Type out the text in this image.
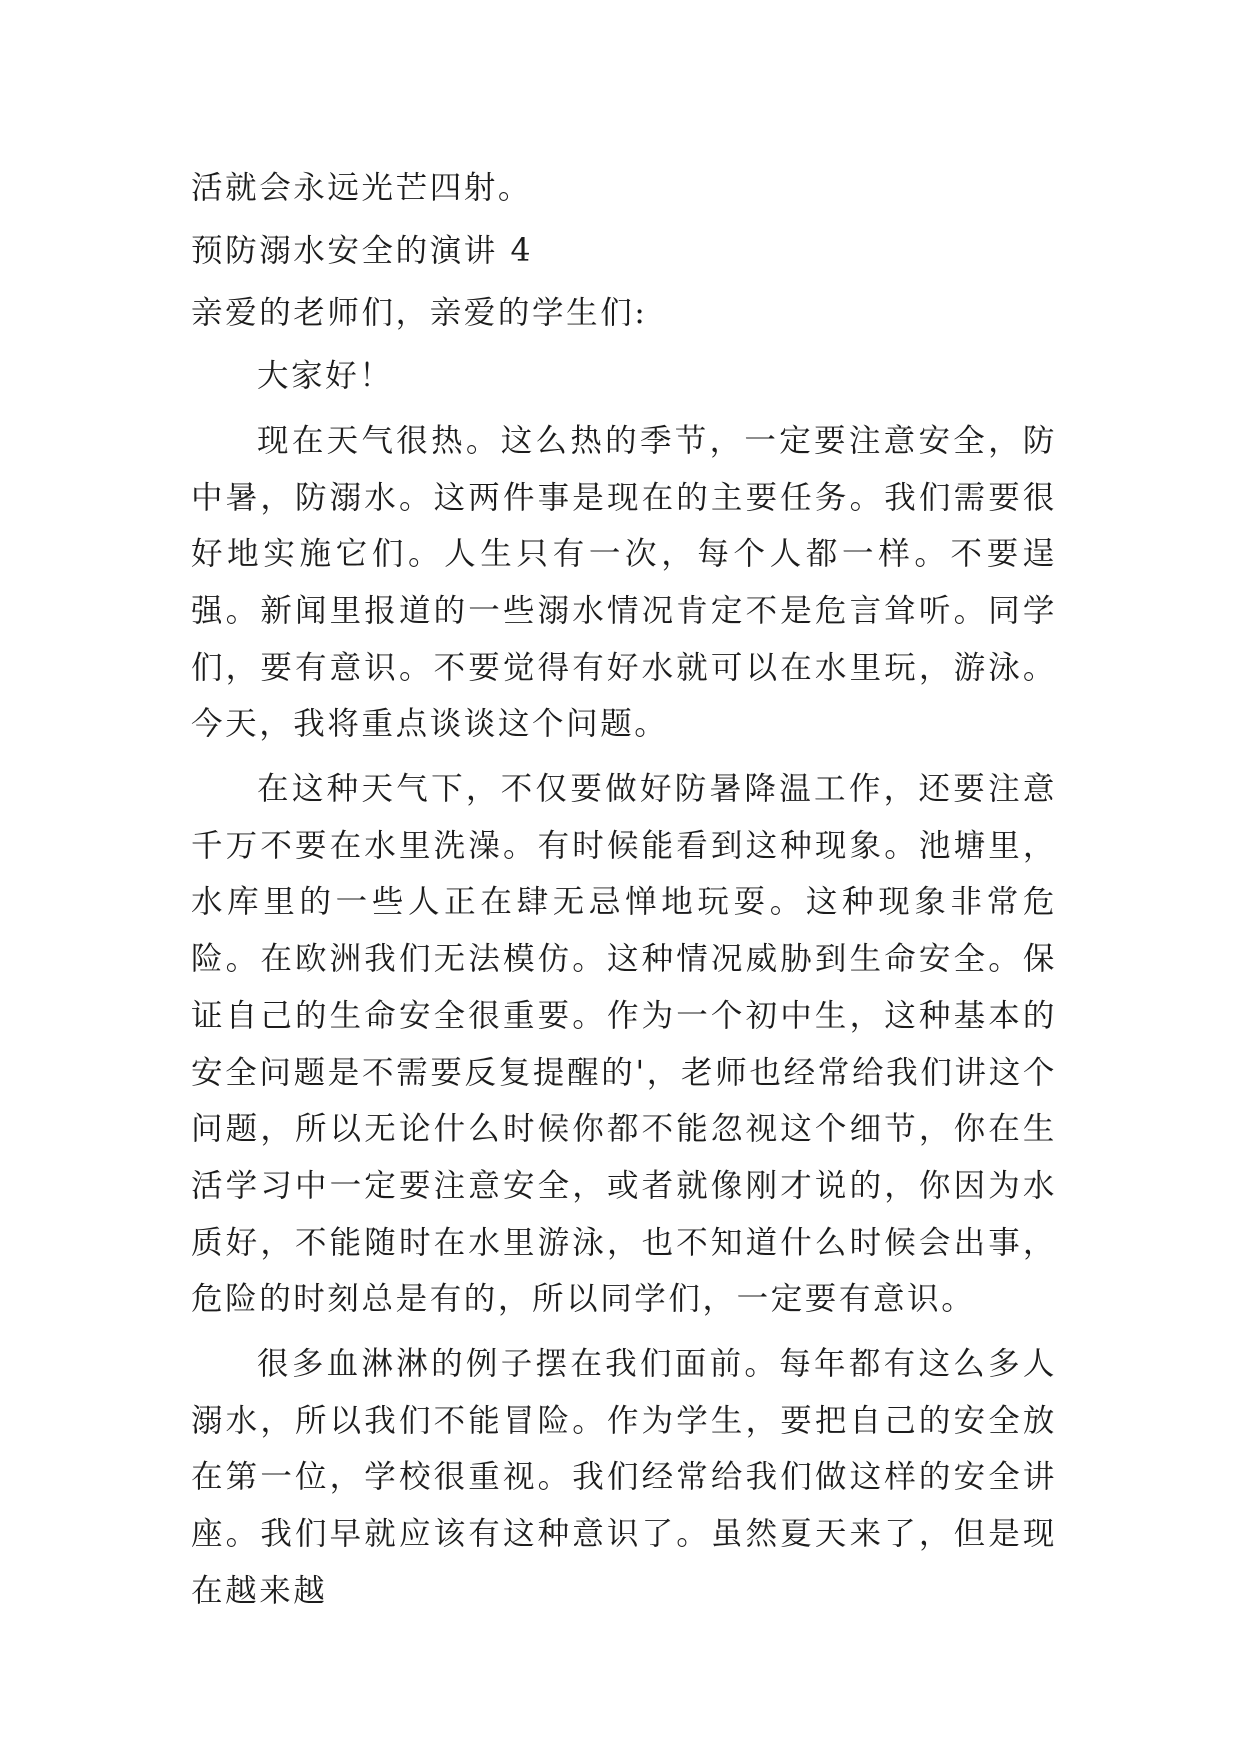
活就会永远光芒四射。

预防溺水安全的演讲 4

亲爱的老师们，亲爱的学生们:

大家好！

现在天气很热。这么热的季节，一定要注意安全，防中暑，防溺水。这两件事是现在的主要任务。我们需要很好地实施它们。人生只有一次，每个人都一样。不要逞强。新闻里报道的一些溺水情况肯定不是危言耸听。同学们，要有意识。不要觉得有好水就可以在水里玩，游泳。今天，我将重点谈谈这个问题。

在这种天气下，不仅要做好防暑降温工作，还要注意千万不要在水里洗澡。有时候能看到这种现象。池塘里，水库里的一些人正在肆无忌惮地玩耍。这种现象非常危险。在欧洲我们无法模仿。这种情况威胁到生命安全。保证自己的生命安全很重要。作为一个初中生，这种基本的安全问题是不需要反复提醒的'，老师也经常给我们讲这个问题，所以无论什么时候你都不能忽视这个细节，你在生活学习中一定要注意安全，或者就像刚才说的，你因为水质好，不能随时在水里游泳，也不知道什么时候会出事，危险的时刻总是有的，所以同学们，一定要有意识。

很多血淋淋的例子摆在我们面前。每年都有这么多人溺水，所以我们不能冒险。作为学生，要把自己的安全放在第一位，学校很重视。我们经常给我们做这样的安全讲座。我们早就应该有这种意识了。虽然夏天来了，但是现在越来越
